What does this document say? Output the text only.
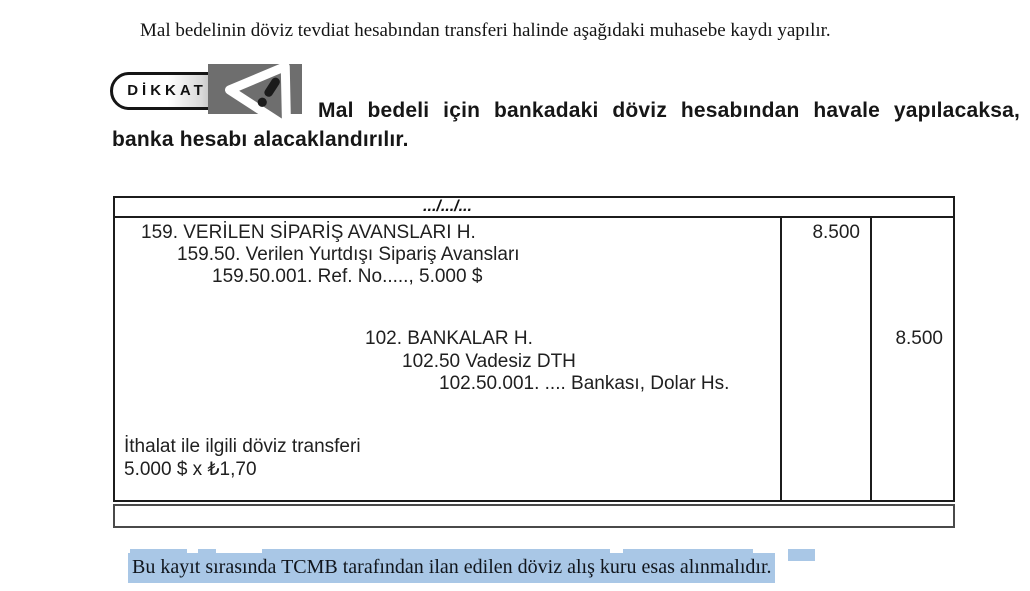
Mal bedelinin döviz tevdiat hesabından transferi halinde aşağıdaki muhasebe kaydı yapılır.
DİKKAT
Mal bedeli için bankadaki döviz hesabından havale yapılacaksa,
banka hesabı alacaklandırılır.
.../.../...
159. VERİLEN SİPARİŞ AVANSLARI H.
159.50. Verilen Yurtdışı Sipariş Avansları
159.50.001. Ref. No....., 5.000 $
102. BANKALAR H.
102.50 Vadesiz DTH
102.50.001. .... Bankası, Dolar Hs.
İthalat ile ilgili döviz transferi
5.000 $ x ₺1,70
8.500
8.500
Bu kayıt sırasında TCMB tarafından ilan edilen döviz alış kuru esas alınmalıdır.
